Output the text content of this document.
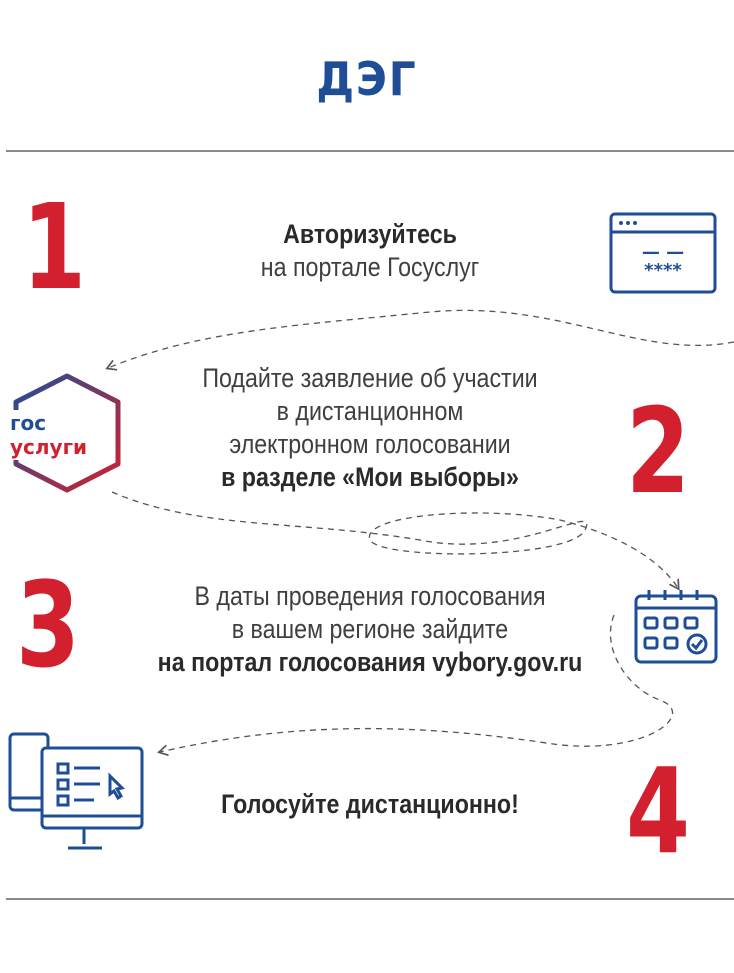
ДЭГ
1	Авторизуйтесь
на портале Госуслуг	— —
****
гос
услуги
Подайте заявление об участии
в дистанционном
электронном голосовании
в разделе «Мои выборы» 2
3	В даты проведения голосования
в вашем регионе зайдите
на портал голосования vybory.gov.ru
Голосуйте дистанционно! 4
